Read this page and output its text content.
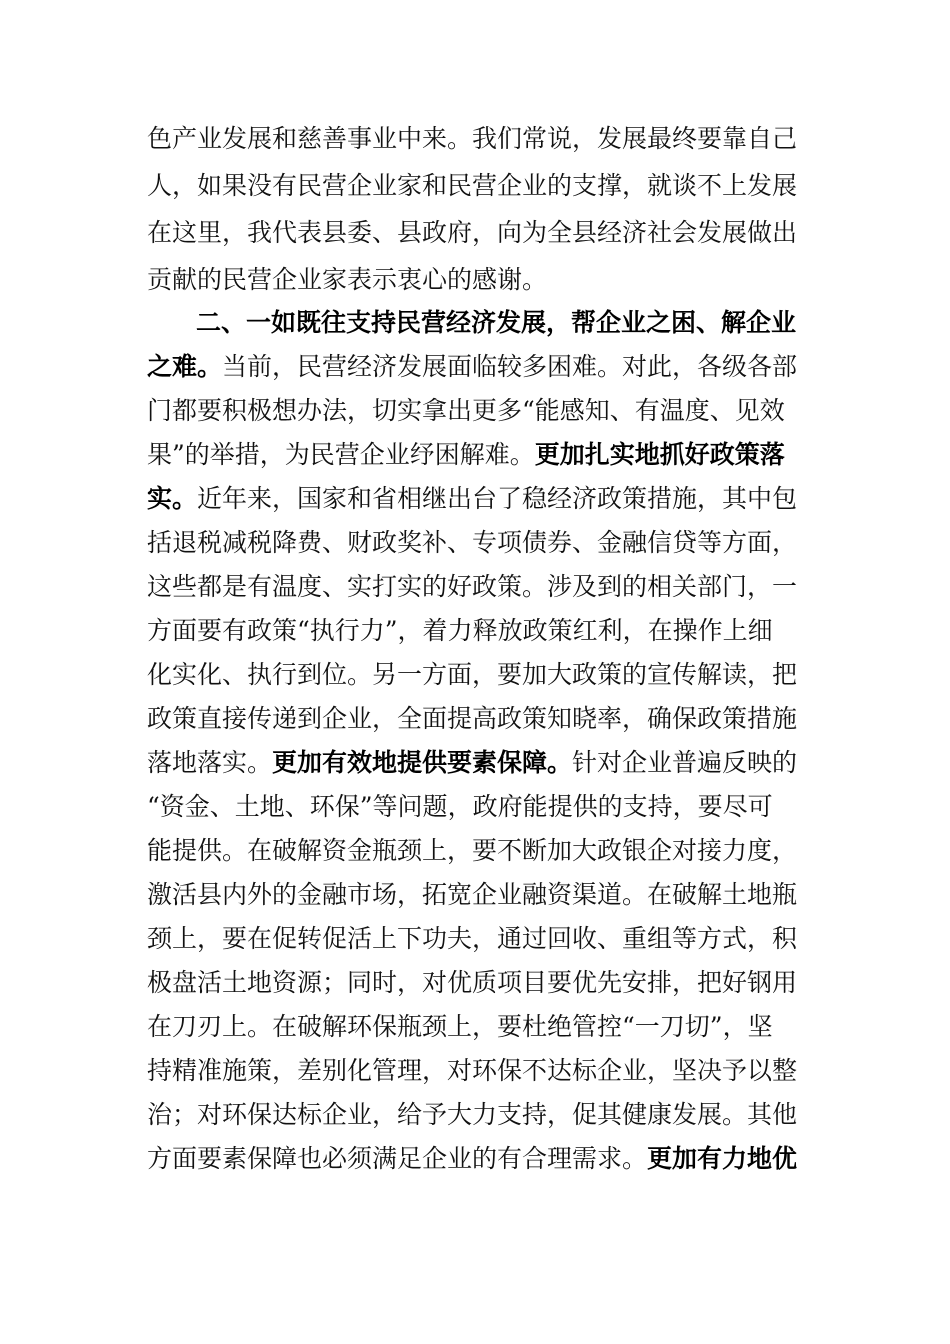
色产业发展和慈善事业中来。我们常说，发展最终要靠自己
人，如果没有民营企业家和民营企业的支撑，就谈不上发展
在这里，我代表县委、县政府，向为全县经济社会发展做出
贡献的民营企业家表示衷心的感谢。
二、一如既往支持民营经济发展，帮企业之困、解企业
之难。当前，民营经济发展面临较多困难。对此，各级各部
门都要积极想办法，切实拿出更多“能感知、有温度、见效
果”的举措，为民营企业纾困解难。更加扎实地抓好政策落
实。近年来，国家和省相继出台了稳经济政策措施，其中包
括退税减税降费、财政奖补、专项债券、金融信贷等方面，
这些都是有温度、实打实的好政策。涉及到的相关部门，一
方面要有政策“执行力”，着力释放政策红利，在操作上细
化实化、执行到位。另一方面，要加大政策的宣传解读，把
政策直接传递到企业，全面提高政策知晓率，确保政策措施
落地落实。更加有效地提供要素保障。针对企业普遍反映的
“资金、土地、环保”等问题，政府能提供的支持，要尽可
能提供。在破解资金瓶颈上，要不断加大政银企对接力度，
激活县内外的金融市场，拓宽企业融资渠道。在破解土地瓶
颈上，要在促转促活上下功夫，通过回收、重组等方式，积
极盘活土地资源；同时，对优质项目要优先安排，把好钢用
在刀刃上。在破解环保瓶颈上，要杜绝管控“一刀切”，坚
持精准施策，差别化管理，对环保不达标企业，坚决予以整
治；对环保达标企业，给予大力支持，促其健康发展。其他
方面要素保障也必须满足企业的有合理需求。更加有力地优
